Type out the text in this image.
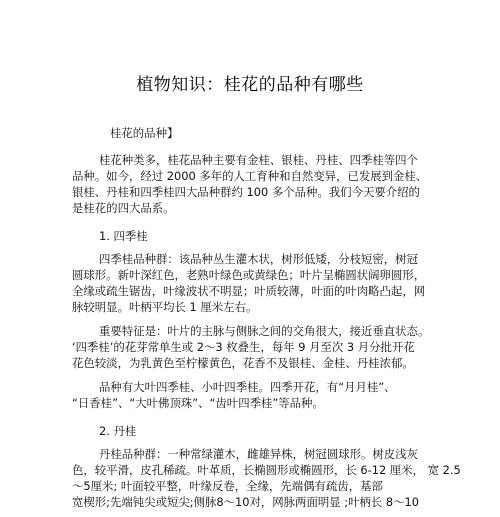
植物知识：桂花的品种有哪些
桂花的品种】
桂花种类多，桂花品种主要有金桂、银桂、丹桂、四季桂等四个
品种。如今，经过 2000 多年的人工育种和自然变异，已发展到金桂、
银桂、丹桂和四季桂四大品种群约 100 多个品种。我们今天要介绍的
是桂花的四大品系。
1. 四季桂
四季桂品种群：该品种丛生灌木状，树形低矮，分枝短密，树冠
圆球形。新叶深红色，老熟叶绿色或黄绿色；叶片呈椭圆状阔卵圆形，
全缘或疏生锯齿，叶缘波状不明显；叶质较薄，叶面的叶肉略凸起，网
脉较明显。叶柄平均长 1 厘米左右。
重要特征是：叶片的主脉与侧脉之间的交角很大，接近垂直状态。
‘四季桂’的花芽常单生或 2～3 枚叠生，每年 9 月至次 3 月分批开花
花色较淡，为乳黄色至柠檬黄色，花香不及银桂、金桂、丹桂浓郁。
品种有大叶四季桂、小叶四季桂。四季开花，有“月月桂”、
“日香桂”、“大叶佛顶珠”、“齿叶四季桂”等品种。
2. 丹桂
丹桂品种群：一种常绿灌木，雌雄异株，树冠圆球形。树皮浅灰
色，较平滑，皮孔稀疏。叶革质，长椭圆形或椭圆形，长 6-12 厘米， 宽 2.5
～5厘米; 叶面较平整，叶缘反卷，全缘，先端偶有疏齿，基部
宽楔形;先端钝尖或短尖;侧脉8～10对，网脉两面明显 ;叶柄长 8～10
